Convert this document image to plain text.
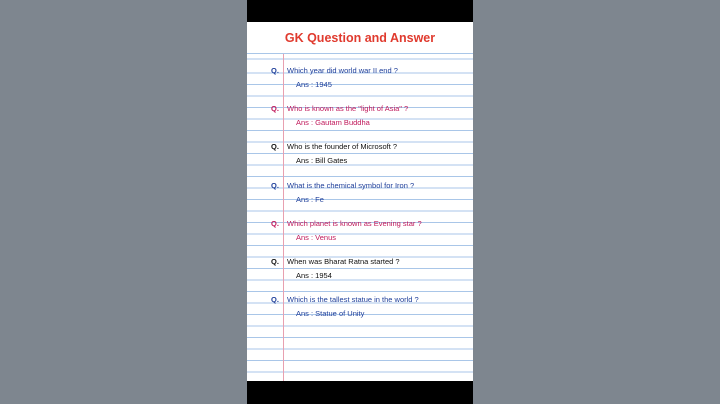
GK Question and Answer
Q. Which year did world war II end ?
Ans : 1945
Q. Who is known as the "light of Asia" ?
Ans : Gautam Buddha
Q. Who is the founder of Microsoft ?
Ans : Bill Gates
Q. What is the chemical symbol for Iron ?
Ans : Fe
Q. Which planet is known as Evening star ?
Ans : Venus
Q. When was Bharat Ratna started ?
Ans : 1954
Q. Which is the tallest statue in the world ?
Ans : Statue of Unity
